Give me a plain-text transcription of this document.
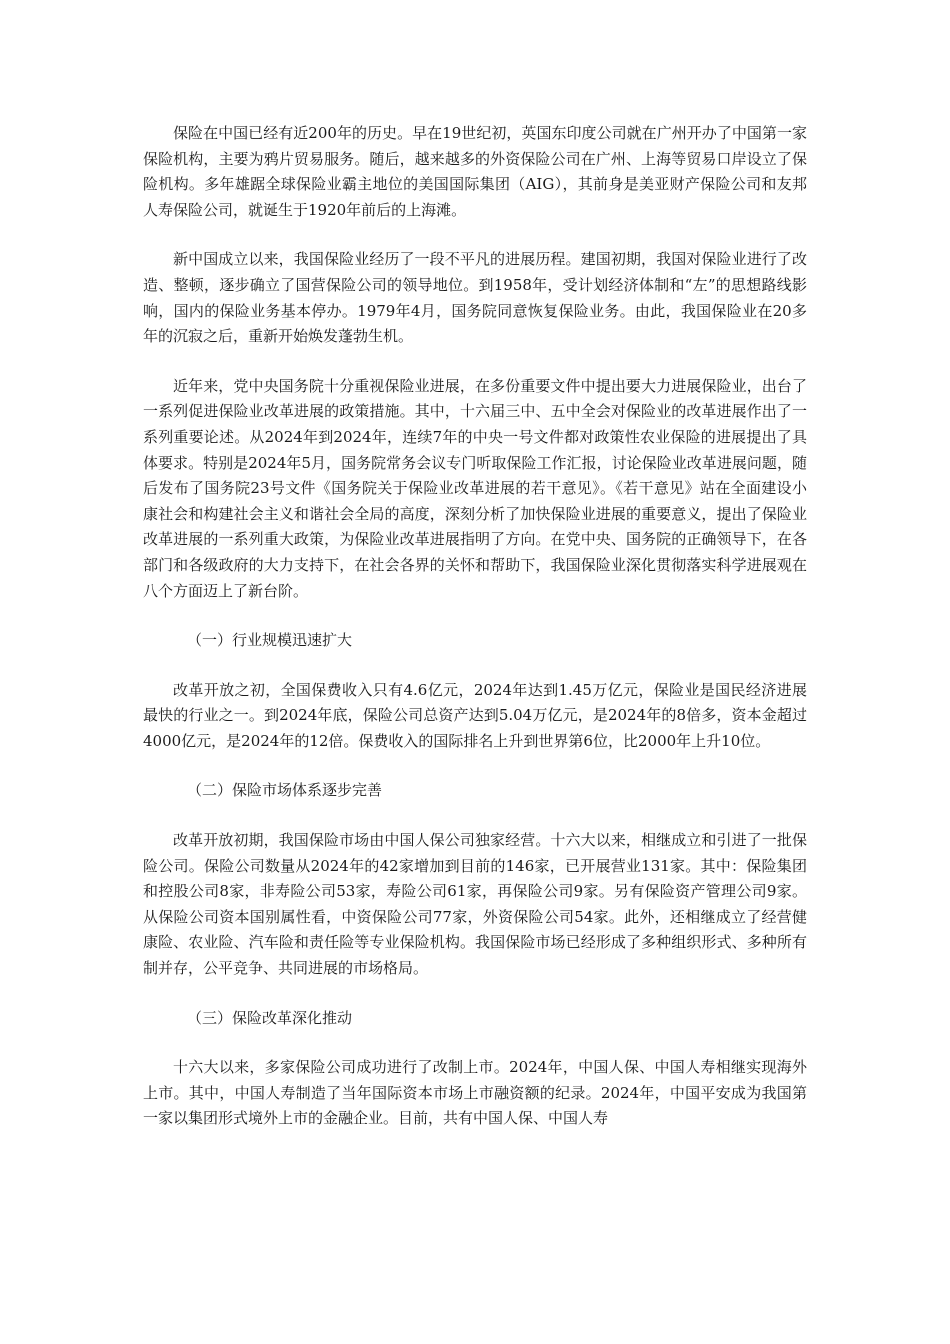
保险在中国已经有近200年的历史。早在19世纪初，英国东印度公司就在广州开办了中国第一家保险机构，主要为鸦片贸易服务。随后，越来越多的外资保险公司在广州、上海等贸易口岸设立了保险机构。多年雄踞全球保险业霸主地位的美国国际集团（AIG），其前身是美亚财产保险公司和友邦人寿保险公司，就诞生于1920年前后的上海滩。

新中国成立以来，我国保险业经历了一段不平凡的进展历程。建国初期，我国对保险业进行了改造、整顿，逐步确立了国营保险公司的领导地位。到1958年，受计划经济体制和“左”的思想路线影响，国内的保险业务基本停办。1979年4月，国务院同意恢复保险业务。由此，我国保险业在20多年的沉寂之后，重新开始焕发蓬勃生机。

近年来，党中央国务院十分重视保险业进展，在多份重要文件中提出要大力进展保险业，出台了一系列促进保险业改革进展的政策措施。其中，十六届三中、五中全会对保险业的改革进展作出了一系列重要论述。从2024年到2024年，连续7年的中央一号文件都对政策性农业保险的进展提出了具体要求。特别是2024年5月，国务院常务会议专门听取保险工作汇报，讨论保险业改革进展问题，随后发布了国务院23号文件《国务院关于保险业改革进展的若干意见》。《若干意见》站在全面建设小康社会和构建社会主义和谐社会全局的高度，深刻分析了加快保险业进展的重要意义，提出了保险业改革进展的一系列重大政策，为保险业改革进展指明了方向。在党中央、国务院的正确领导下，在各部门和各级政府的大力支持下，在社会各界的关怀和帮助下，我国保险业深化贯彻落实科学进展观在八个方面迈上了新台阶。

（一）行业规模迅速扩大

改革开放之初，全国保费收入只有4.6亿元，2024年达到1.45万亿元，保险业是国民经济进展最快的行业之一。到2024年底，保险公司总资产达到5.04万亿元，是2024年的8倍多，资本金超过4000亿元，是2024年的12倍。保费收入的国际排名上升到世界第6位，比2000年上升10位。

（二）保险市场体系逐步完善

改革开放初期，我国保险市场由中国人保公司独家经营。十六大以来，相继成立和引进了一批保险公司。保险公司数量从2024年的42家增加到目前的146家，已开展营业131家。其中：保险集团和控股公司8家，非寿险公司53家，寿险公司61家，再保险公司9家。另有保险资产管理公司9家。从保险公司资本国别属性看，中资保险公司77家，外资保险公司54家。此外，还相继成立了经营健康险、农业险、汽车险和责任险等专业保险机构。我国保险市场已经形成了多种组织形式、多种所有制并存，公平竞争、共同进展的市场格局。

（三）保险改革深化推动

十六大以来，多家保险公司成功进行了改制上市。2024年，中国人保、中国人寿相继实现海外上市。其中，中国人寿制造了当年国际资本市场上市融资额的纪录。2024年，中国平安成为我国第一家以集团形式境外上市的金融企业。目前，共有中国人保、中国人寿
